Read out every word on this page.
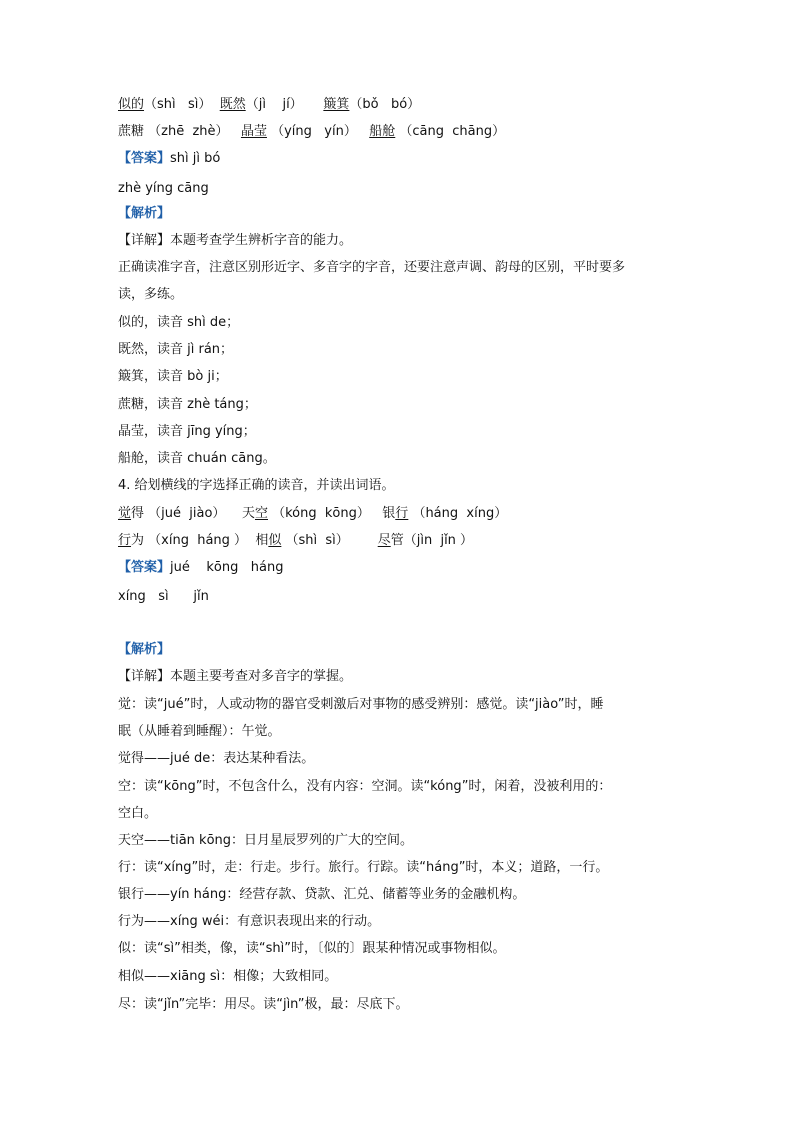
似的（shì   sì） 既然（jì    jí） 簸箕（bǒ   bó）
蔗糖 （zhē  zhè） 晶莹 （yíng   yín） 船舱 （cāng  chāng）
【答案】shì jì bó
zhè yíng cāng
【解析】
【详解】本题考查学生辨析字音的能力。
正确读准字音，注意区别形近字、多音字的字音，还要注意声调、韵母的区别，平时要多
读，多练。
似的，读音 shì de；
既然，读音 jì rán；
簸箕，读音 bò ji；
蔗糖，读音 zhè táng；
晶莹，读音 jīng yíng；
船舱，读音 chuán cāng。
4. 给划横线的字选择正确的读音，并读出词语。
觉得 （jué  jiào） 天空 （kóng  kōng） 银行 （háng  xíng）
行为 （xíng  háng ） 相似 （shì  sì） 尽管（jìn  jǐn ）
【答案】jué    kōng   háng
xíng   sì      jǐn
【解析】
【详解】本题主要考查对多音字的掌握。
觉：读“jué”时，人或动物的器官受刺激后对事物的感受辨别：感觉。读“jiào”时，睡
眠（从睡着到睡醒）：午觉。
觉得——jué de：表达某种看法。
空：读“kōng”时，不包含什么，没有内容：空洞。读“kóng”时，闲着，没被利用的：
空白。
天空——tiān kōng：日月星辰罗列的广大的空间。
行：读“xíng”时，走：行走。步行。旅行。行踪。读“háng”时，本义；道路，一行。
银行——yín háng：经营存款、贷款、汇兑、储蓄等业务的金融机构。
行为——xíng wéi：有意识表现出来的行动。
似：读“sì”相类，像，读“shì”时，〔似的〕跟某种情况或事物相似。
相似——xiāng sì：相像；大致相同。
尽：读“jǐn”完毕：用尽。读“jìn”极，最：尽底下。
